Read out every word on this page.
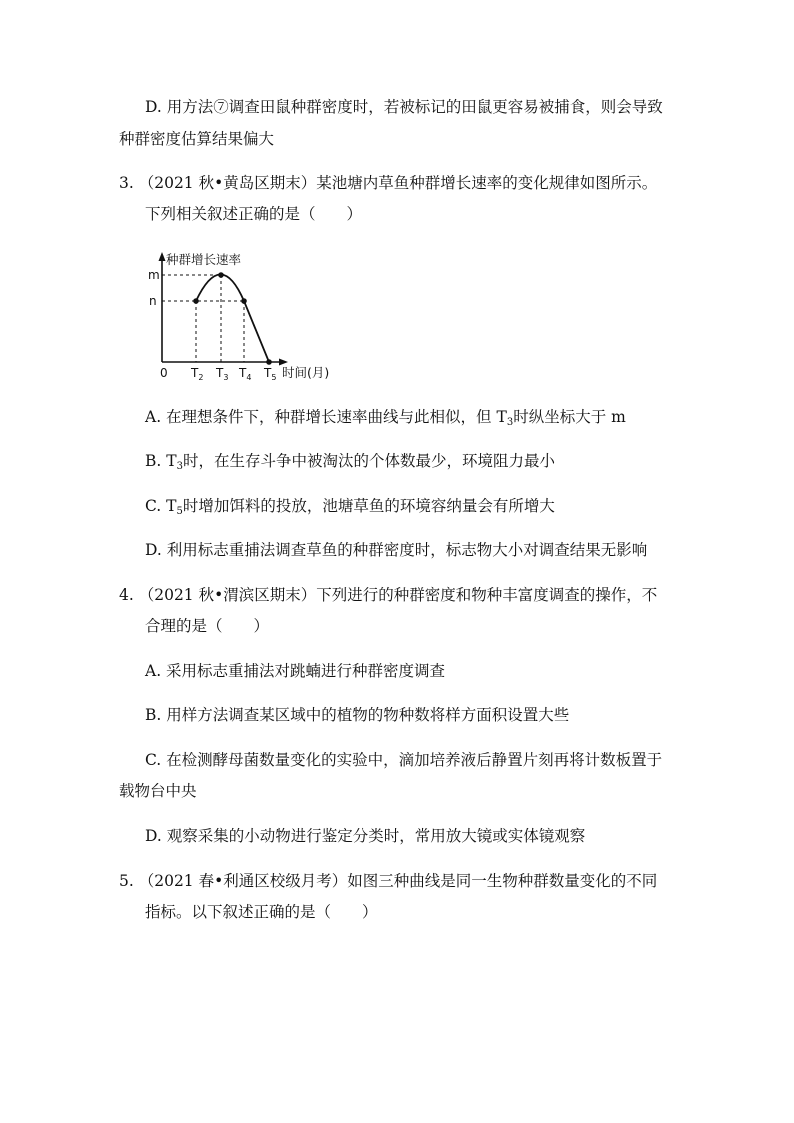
D. 用方法⑦调查田鼠种群密度时，若被标记的田鼠更容易被捕食，则会导致
种群密度估算结果偏大
3. （2021 秋•黄岛区期末）某池塘内草鱼种群增长速率的变化规律如图所示。
下列相关叙述正确的是（　　）
种群增长速率
m
n
0 $T_2$ $T_3$ $T_4$ $T_5$ 时间(月)
A. 在理想条件下，种群增长速率曲线与此相似，但 $T_3$时纵坐标大于 m
B. $T_3$时，在生存斗争中被淘汰的个体数最少，环境阻力最小
C. $T_5$时增加饵料的投放，池塘草鱼的环境容纳量会有所增大
D. 利用标志重捕法调查草鱼的种群密度时，标志物大小对调查结果无影响
4. （2021 秋•渭滨区期末）下列进行的种群密度和物种丰富度调查的操作，不
合理的是（　　）
A. 采用标志重捕法对跳蝻进行种群密度调查
B. 用样方法调查某区域中的植物的物种数将样方面积设置大些
C. 在检测酵母菌数量变化的实验中，滴加培养液后静置片刻再将计数板置于
载物台中央
D. 观察采集的小动物进行鉴定分类时，常用放大镜或实体镜观察
5. （2021 春•利通区校级月考）如图三种曲线是同一生物种群数量变化的不同
指标。以下叙述正确的是（　　）
